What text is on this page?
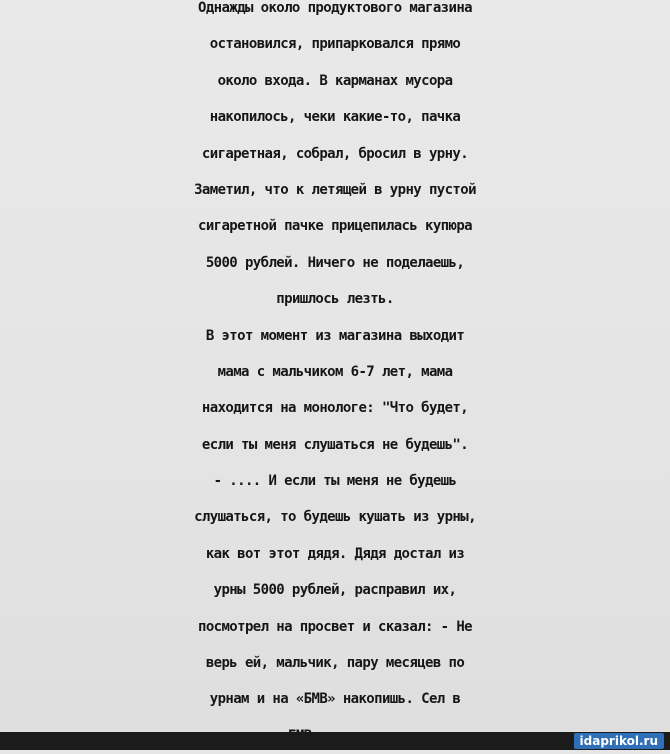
Однажды около продуктового магазина
остановился, припарковался прямо
около входа. В карманах мусора
накопилось, чеки какие-то, пачка
сигаретная, собрал, бросил в урну.
Заметил, что к летящей в урну пустой
сигаретной пачке прицепилась купюра
5000 рублей. Ничего не поделаешь,
пришлось лезть.
В этот момент из магазина выходит
мама с мальчиком 6-7 лет, мама
находится на монологе: "Что будет,
если ты меня слушаться не будешь".
- .... И если ты меня не будешь
слушаться, то будешь кушать из урны,
как вот этот дядя. Дядя достал из
урны 5000 рублей, расправил их,
посмотрел на просвет и сказал: - Не
верь ей, мальчик, пару месяцев по
урнам и на «БМВ» накопишь. Сел в
idaprikol.ru
